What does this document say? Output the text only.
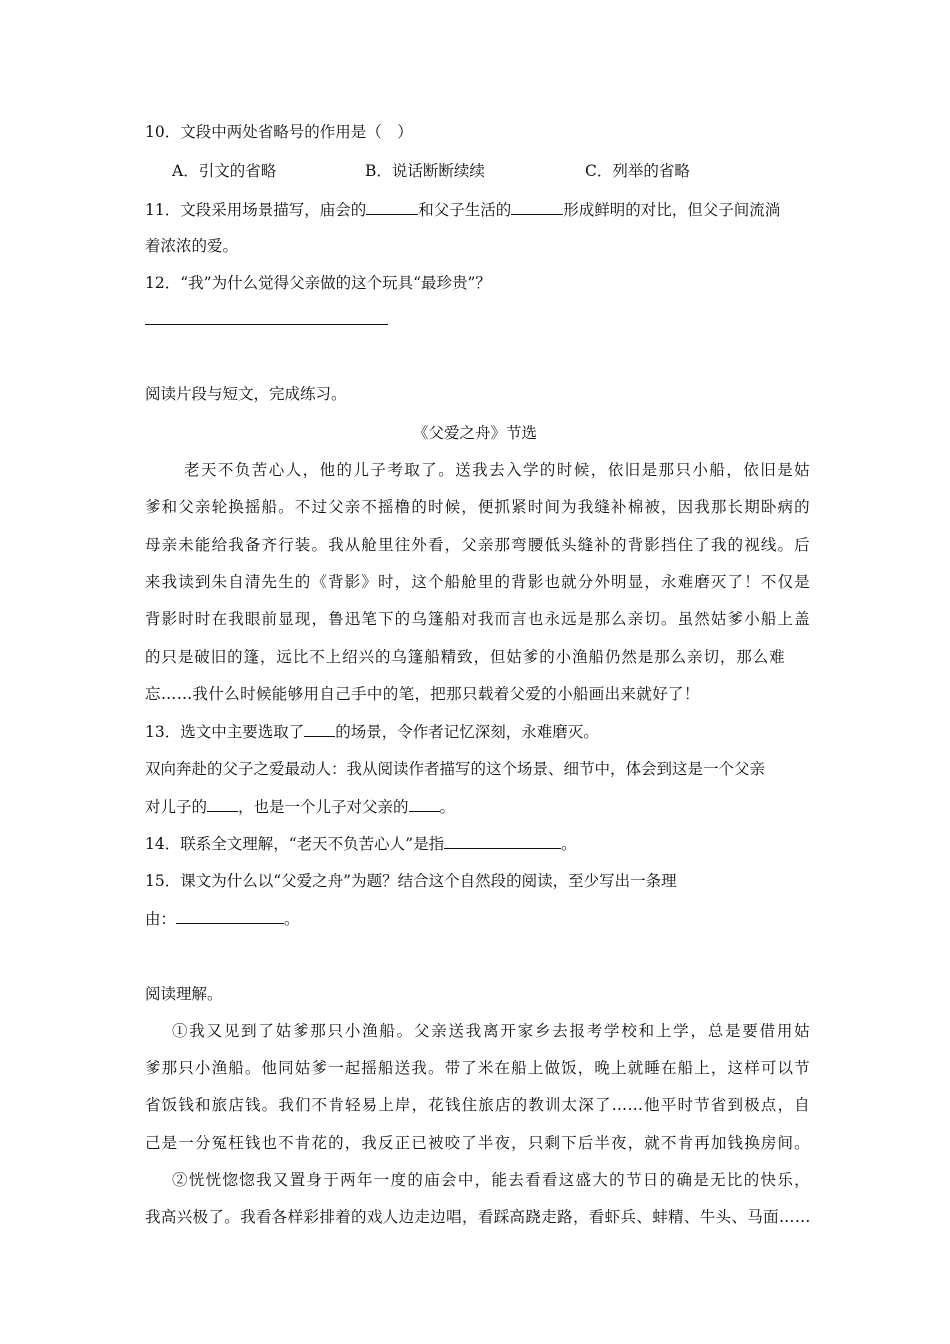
10．文段中两处省略号的作用是（　）
A．引文的省略	B．说话断断续续	C．列举的省略
11．文段采用场景描写，庙会的	和父子生活的	形成鲜明的对比，但父子间流淌
着浓浓的爱。
12．“我”为什么觉得父亲做的这个玩具“最珍贵”？
阅读片段与短文，完成练习。
《父爱之舟》节选
老天不负苦心人，他的儿子考取了。送我去入学的时候，依旧是那只小船，依旧是姑
爹和父亲轮换摇船。不过父亲不摇橹的时候，便抓紧时间为我缝补棉被，因我那长期卧病的
母亲未能给我备齐行装。我从舱里往外看，父亲那弯腰低头缝补的背影挡住了我的视线。后
来我读到朱自清先生的《背影》时，这个船舱里的背影也就分外明显，永难磨灭了！不仅是
背影时时在我眼前显现，鲁迅笔下的乌篷船对我而言也永远是那么亲切。虽然姑爹小船上盖
的只是破旧的篷，远比不上绍兴的乌篷船精致，但姑爹的小渔船仍然是那么亲切，那么难
忘……我什么时候能够用自己手中的笔，把那只载着父爱的小船画出来就好了！
13．选文中主要选取了 的场景，令作者记忆深刻，永难磨灭。
双向奔赴的父子之爱最动人：我从阅读作者描写的这个场景、细节中，体会到这是一个父亲
对儿子的 ，也是一个儿子对父亲的 。
14．联系全文理解，“老天不负苦心人”是指	。
15．课文为什么以“父爱之舟”为题？结合这个自然段的阅读，至少写出一条理
由：	。
阅读理解。
①我又见到了姑爹那只小渔船。父亲送我离开家乡去报考学校和上学，总是要借用姑
爹那只小渔船。他同姑爹一起摇船送我。带了米在船上做饭，晚上就睡在船上，这样可以节
省饭钱和旅店钱。我们不肯轻易上岸，花钱住旅店的教训太深了……他平时节省到极点，自
己是一分冤枉钱也不肯花的，我反正已被咬了半夜，只剩下后半夜，就不肯再加钱换房间。
②恍恍惚惚我又置身于两年一度的庙会中，能去看看这盛大的节日的确是无比的快乐，
我高兴极了。我看各样彩排着的戏人边走边唱，看踩高跷走路，看虾兵、蚌精、牛头、马面……
